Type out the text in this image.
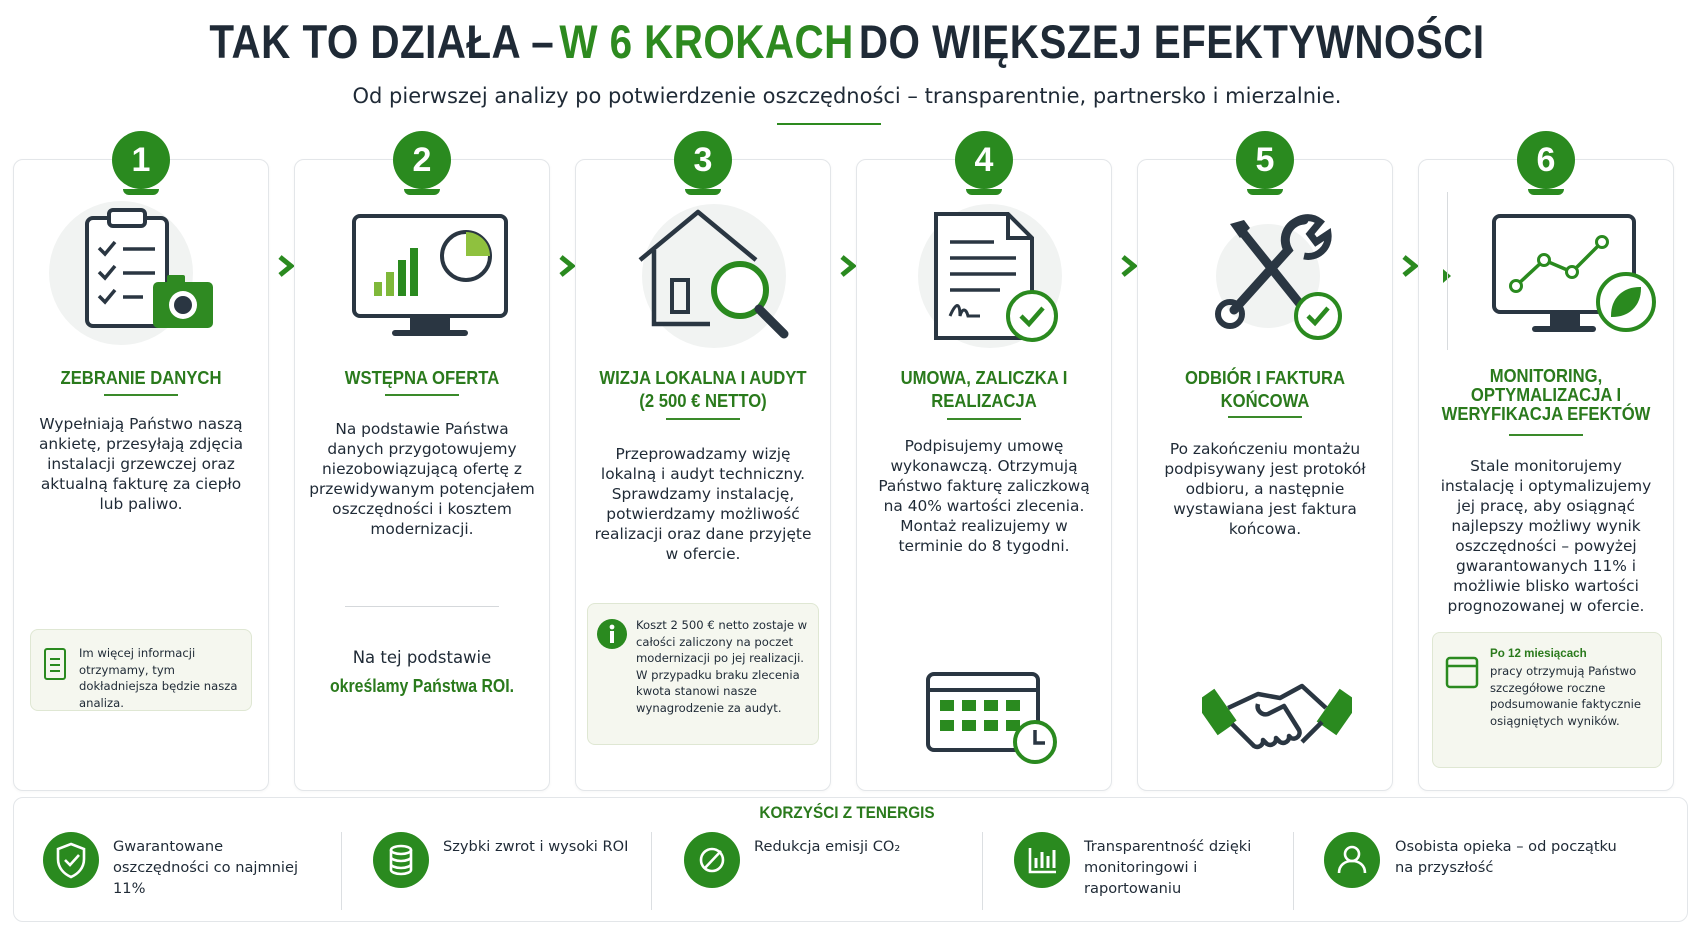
TAK TO DZIAŁA – W 6 KROKACH DO WIĘKSZEJ EFEKTYWNOŚCI
Od pierwszej analizy po potwierdzenie oszczędności – transparentnie, partnersko i mierzalnie.
1
ZEBRANIE DANYCH
Wypełniają Państwo naszą ankietę, przesyłają zdjęcia instalacji grzewczej oraz aktualną fakturę za ciepło lub paliwo.
Im więcej informacji otrzymamy, tym dokładniejsza będzie nasza analiza.
2
WSTĘPNA OFERTA
Na podstawie Państwa danych przygotowujemy niezobowiązującą ofertę z przewidywanym potencjałem oszczędności i kosztem modernizacji.
Na tej podstawie
określamy Państwa ROI.
3
WIZJA LOKALNA I AUDYT (2 500 € NETTO)
Przeprowadzamy wizję lokalną i audyt techniczny. Sprawdzamy instalację, potwierdzamy możliwość realizacji oraz dane przyjęte w ofercie.
Koszt 2 500 € netto zostaje w całości zaliczony na poczet modernizacji po jej realizacji. W przypadku braku zlecenia kwota stanowi nasze wynagrodzenie za audyt.
4
UMOWA, ZALICZKA I REALIZACJA
Podpisujemy umowę wykonawczą. Otrzymują Państwo fakturę zaliczkową na 40% wartości zlecenia. Montaż realizujemy w terminie do 8 tygodni.
5
ODBIÓR I FAKTURA KOŃCOWA
Po zakończeniu montażu podpisywany jest protokół odbioru, a następnie wystawiana jest faktura końcowa.
6
MONITORING, OPTYMALIZACJA I WERYFIKACJA EFEKTÓW
Stale monitorujemy instalację i optymalizujemy jej pracę, aby osiągnąć najlepszy możliwy wynik oszczędności – powyżej gwarantowanych 11% i możliwie blisko wartości prognozowanej w ofercie.
Po 12 miesiącach
pracy otrzymują Państwo szczegółowe roczne podsumowanie faktycznie osiągniętych wyników.
KORZYŚCI Z TENERGIS
Gwarantowane oszczędności co najmniej 11%
Szybki zwrot i wysoki ROI	Redukcja emisji CO₂	Transparentność dzięki monitoringowi i raportowaniu
Osobista opieka – od początku na przyszłość
